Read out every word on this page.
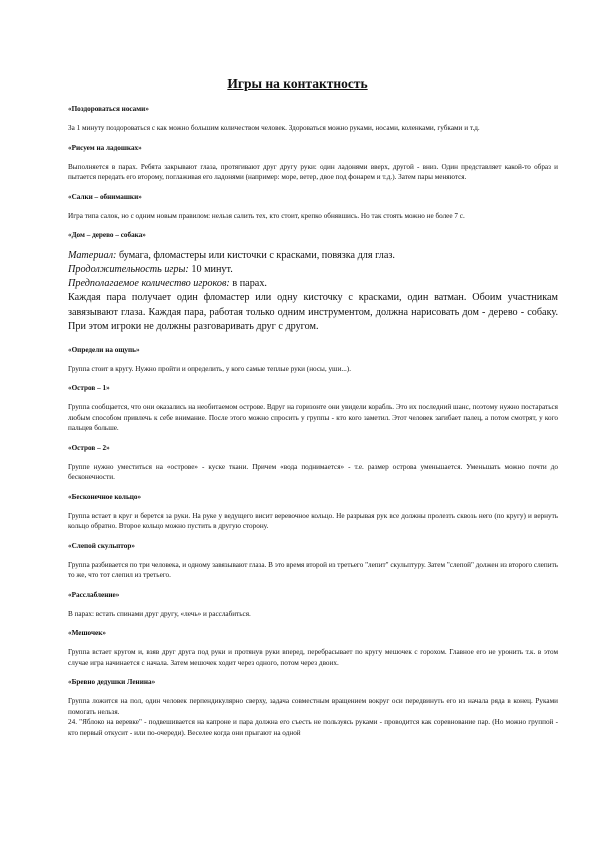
Игры на контактность
«Поздороваться носами»
За 1 минуту поздороваться с как можно большим количеством человек. Здороваться можно руками, носами, коленками, губками и т.д.
«Рисуем на ладошках»
Выполняется в парах. Ребята закрывают глаза, протягивают друг другу руки: один ладонями вверх, другой - вниз. Один представляет какой-то образ и пытается передать его второму, поглаживая его ладонями (например: море, ветер, двое под фонарем и т.д.). Затем пары меняются.
«Салки – обнимашки»
Игра типа салок, но с одним новым правилом: нельзя салить тех, кто стоит, крепко обнявшись. Но так стоять можно не более 7 с.
«Дом – дерево – собака»
Материал: бумага, фломастеры или кисточки с красками, повязка для глаз.
Продолжительность игры: 10 минут.
Предполагаемое количество игроков: в парах.
Каждая пара получает один фломастер или одну кисточку с красками, один ватман. Обоим участникам завязывают глаза. Каждая пара, работая только одним инструментом, должна нарисовать дом - дерево - собаку. При этом игроки не должны разговаривать друг с другом.
«Определи на ощупь»
Группа стоит в кругу. Нужно пройти и определить, у кого самые теплые руки (носы, уши...).
«Остров – 1»
Группа сообщается, что они оказались на необитаемом острове. Вдруг на горизонте они увидели корабль. Это их последний шанс, поэтому нужно постараться любым способом привлечь к себе внимание. После этого можно спросить у группы - кто кого заметил. Этот человек загибает палец, а потом смотрят, у кого пальцев больше.
«Остров – 2»
Группе нужно уместиться на «острове» - куске ткани. Причем «вода поднимается» - т.е. размер острова уменьшается. Уменьшать можно почти до бесконечности.
«Бесконечное кольцо»
Группа встает в круг и берется за руки. На руке у ведущего висит веревочное кольцо. Не разрывая рук все должны пролезть сквозь него (по кругу) и вернуть кольцо обратно. Второе кольцо можно пустить в другую сторону.
«Слепой скульптор»
Группа разбивается по три человека, и одному завязывают глаза. В это время второй из третьего "лепит" скульптуру. Затем "слепой" должен из второго слепить то же, что тот слепил из третьего.
«Расслабление»
В парах: встать спинами друг другу, «лечь» и расслабиться.
«Мешочек»
Группа встает кругом и, взяв друг друга под руки и протянув руки вперед, перебрасывает по кругу мешочек с горохом. Главное его не уронить т.к. в этом случае игра начинается с начала. Затем мешочек ходит через одного, потом через двоих.
«Бревно дедушки Ленина»
Группа ложится на пол, один человек перпендикулярно сверху, задача совместным вращением вокруг оси передвинуть его из начала ряда в конец. Руками помогать нельзя.
24. "Яблоко на веревке" - подвешивается на капроне и пара должна его съесть не пользуясь руками - проводится как соревнование пар. (Но можно группой - кто первый откусит - или по-очереди). Веселее когда они прыгают на одной
